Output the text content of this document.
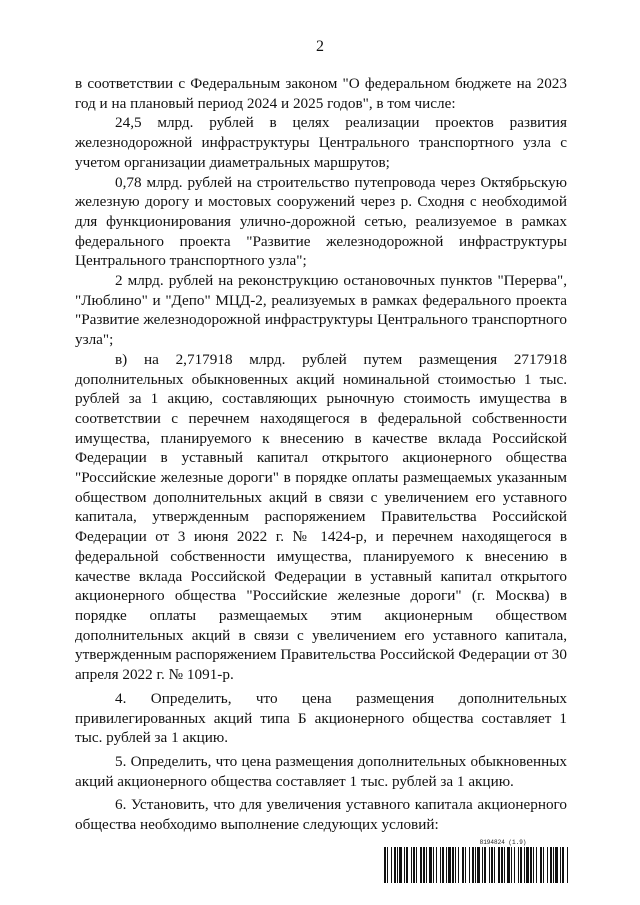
2

в соответствии с Федеральным законом "О федеральном бюджете на 2023 год и на плановый период 2024 и 2025 годов", в том числе:

24,5 млрд. рублей в целях реализации проектов развития железнодорожной инфраструктуры Центрального транспортного узла с учетом организации диаметральных маршрутов;

0,78 млрд. рублей на строительство путепровода через Октябрьскую железную дорогу и мостовых сооружений через р. Сходня с необходимой для функционирования улично-дорожной сетью, реализуемое в рамках федерального проекта "Развитие железнодорожной инфраструктуры Центрального транспортного узла";

2 млрд. рублей на реконструкцию остановочных пунктов "Перерва", "Люблино" и "Депо" МЦД-2, реализуемых в рамках федерального проекта "Развитие железнодорожной инфраструктуры Центрального транспортного узла";

в) на 2,717918 млрд. рублей путем размещения 2717918 дополнительных обыкновенных акций номинальной стоимостью 1 тыс. рублей за 1 акцию, составляющих рыночную стоимость имущества в соответствии с перечнем находящегося в федеральной собственности имущества, планируемого к внесению в качестве вклада Российской Федерации в уставный капитал открытого акционерного общества "Российские железные дороги" в порядке оплаты размещаемых указанным обществом дополнительных акций в связи с увеличением его уставного капитала, утвержденным распоряжением Правительства Российской Федерации от 3 июня 2022 г. № 1424-р, и перечнем находящегося в федеральной собственности имущества, планируемого к внесению в качестве вклада Российской Федерации в уставный капитал открытого акционерного общества "Российские железные дороги" (г. Москва) в порядке оплаты размещаемых этим акционерным обществом дополнительных акций в связи с увеличением его уставного капитала, утвержденным распоряжением Правительства Российской Федерации от 30 апреля 2022 г. № 1091-р.

4. Определить, что цена размещения дополнительных привилегированных акций типа Б акционерного общества составляет 1 тыс. рублей за 1 акцию.

5. Определить, что цена размещения дополнительных обыкновенных акций акционерного общества составляет 1 тыс. рублей за 1 акцию.

6. Установить, что для увеличения уставного капитала акционерного общества необходимо выполнение следующих условий:

8194824 (1.9)
